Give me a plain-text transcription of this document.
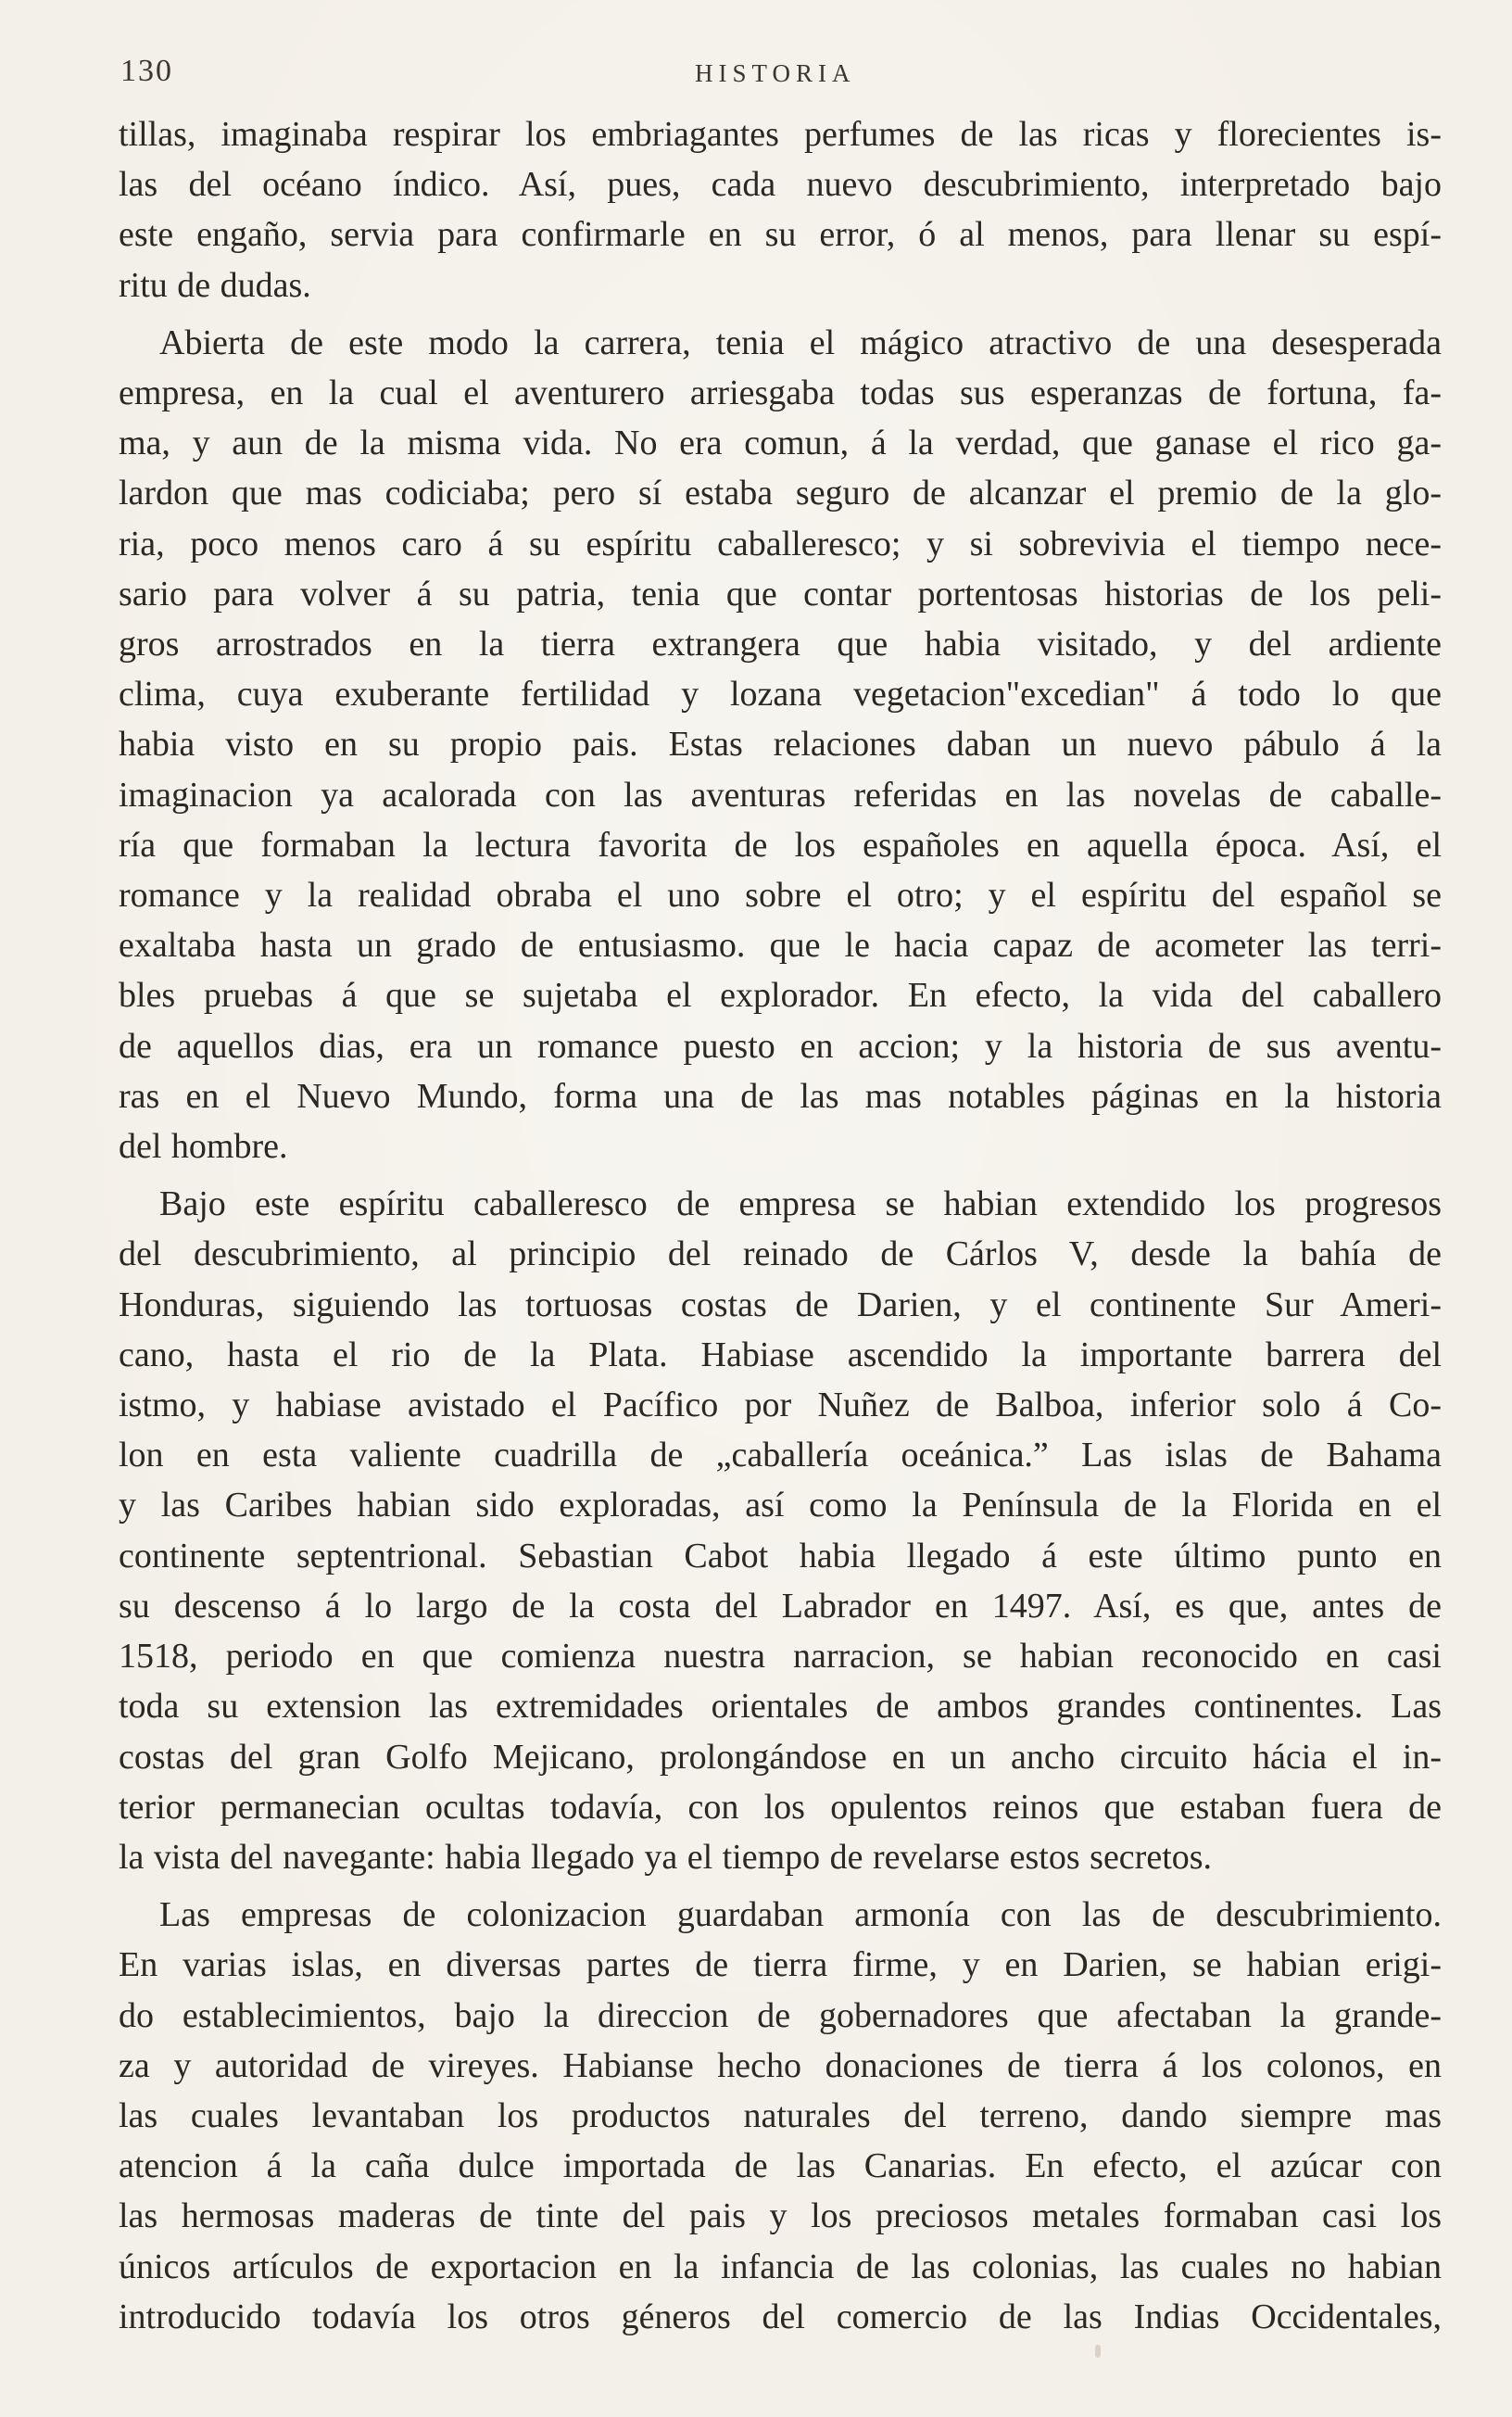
130	HISTORIA

tillas, imaginaba respirar los embriagantes perfumes de las ricas y florecientes is-
las del océano índico. Así, pues, cada nuevo descubrimiento, interpretado bajo
este engaño, servia para confirmarle en su error, ó al menos, para llenar su espí-
ritu de dudas.

Abierta de este modo la carrera, tenia el mágico atractivo de una desesperada
empresa, en la cual el aventurero arriesgaba todas sus esperanzas de fortuna, fa-
ma, y aun de la misma vida. No era comun, á la verdad, que ganase el rico ga-
lardon que mas codiciaba; pero sí estaba seguro de alcanzar el premio de la glo-
ria, poco menos caro á su espíritu caballeresco; y si sobrevivia el tiempo nece-
sario para volver á su patria, tenia que contar portentosas historias de los peli-
gros arrostrados en la tierra extrangera que habia visitado, y del ardiente
clima, cuya exuberante fertilidad y lozana vegetacion"excedian" á todo lo que
habia visto en su propio pais. Estas relaciones daban un nuevo pábulo á la
imaginacion ya acalorada con las aventuras referidas en las novelas de caballe-
ría que formaban la lectura favorita de los españoles en aquella época. Así, el
romance y la realidad obraba el uno sobre el otro; y el espíritu del español se
exaltaba hasta un grado de entusiasmo. que le hacia capaz de acometer las terri-
bles pruebas á que se sujetaba el explorador. En efecto, la vida del caballero
de aquellos dias, era un romance puesto en accion; y la historia de sus aventu-
ras en el Nuevo Mundo, forma una de las mas notables páginas en la historia
del hombre.

Bajo este espíritu caballeresco de empresa se habian extendido los progresos
del descubrimiento, al principio del reinado de Cárlos V, desde la bahía de
Honduras, siguiendo las tortuosas costas de Darien, y el continente Sur Ameri-
cano, hasta el rio de la Plata. Habiase ascendido la importante barrera del
istmo, y habiase avistado el Pacífico por Nuñez de Balboa, inferior solo á Co-
lon en esta valiente cuadrilla de „caballería oceánica.” Las islas de Bahama
y las Caribes habian sido exploradas, así como la Península de la Florida en el
continente septentrional. Sebastian Cabot habia llegado á este último punto en
su descenso á lo largo de la costa del Labrador en 1497. Así, es que, antes de
1518, periodo en que comienza nuestra narracion, se habian reconocido en casi
toda su extension las extremidades orientales de ambos grandes continentes. Las
costas del gran Golfo Mejicano, prolongándose en un ancho circuito hácia el in-
terior permanecian ocultas todavía, con los opulentos reinos que estaban fuera de
la vista del navegante: habia llegado ya el tiempo de revelarse estos secretos.

Las empresas de colonizacion guardaban armonía con las de descubrimiento.
En varias islas, en diversas partes de tierra firme, y en Darien, se habian erigi-
do establecimientos, bajo la direccion de gobernadores que afectaban la grande-
za y autoridad de vireyes. Habianse hecho donaciones de tierra á los colonos, en
las cuales levantaban los productos naturales del terreno, dando siempre mas
atencion á la caña dulce importada de las Canarias. En efecto, el azúcar con
las hermosas maderas de tinte del pais y los preciosos metales formaban casi los
únicos artículos de exportacion en la infancia de las colonias, las cuales no habian
introducido todavía los otros géneros del comercio de las Indias Occidentales,
